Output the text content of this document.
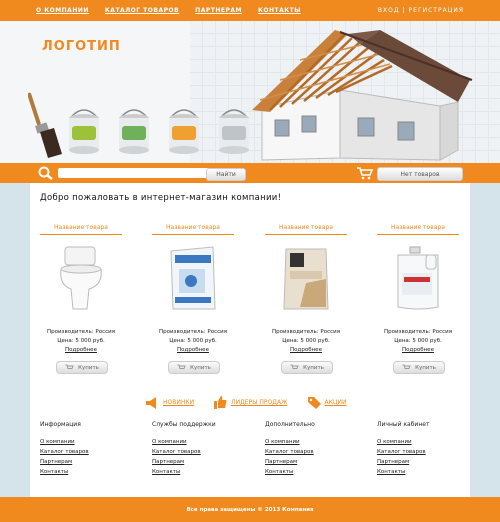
О КОМПАНИИ	КАТАЛОГ ТОВАРОВ	ПАРТНЕРАМ	КОНТАКТЫ	ВХОД | РЕГИСТРАЦИЯ
ЛОГОТИП
Найти	Нет товаров
Добро пожаловать в интернет-магазин компании!
Название товара
Производитель: Россия
Цена: 5 000 руб.
Подробнее
Купить
Название товара
Производитель: Россия
Цена: 5 000 руб.
Подробнее
Купить
Название товара
Производитель: Россия
Цена: 5 000 руб.
Подробнее
Купить
Название товара
Производитель: Россия
Цена: 5 000 руб.
Подробнее
Купить
НОВИНКИ	ЛИДЕРЫ ПРОДАЖ	АКЦИИ
Информация
О компании
Каталог товаров
Партнерам
Контакты
Службы поддержки
О компании
Каталог товаров
Партнерам
Контакты
Дополнительно
О компании
Каталог товаров
Партнерам
Контакты
Личный кабинет
О компании
Каталог товаров
Партнерам
Контакты
Все права защищены © 2013 Компания
